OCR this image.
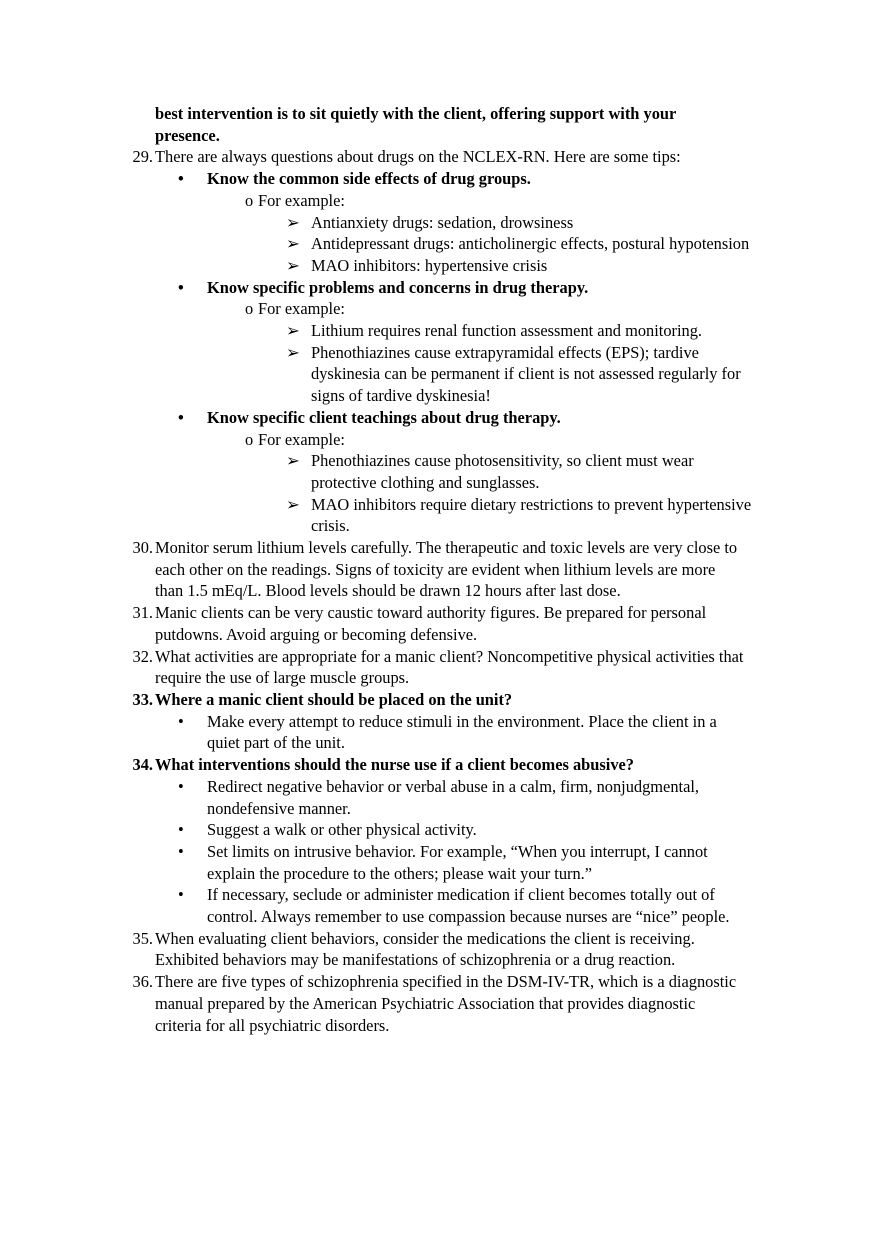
best intervention is to sit quietly with the client, offering support with your
presence.
29. There are always questions about drugs on the NCLEX-RN. Here are some tips:
• Know the common side effects of drug groups.
o For example:
➢ Antianxiety drugs: sedation, drowsiness
➢ Antidepressant drugs: anticholinergic effects, postural hypotension
➢ MAO inhibitors: hypertensive crisis
• Know specific problems and concerns in drug therapy.
o For example:
➢ Lithium requires renal function assessment and monitoring.
➢ Phenothiazines cause extrapyramidal effects (EPS); tardive
dyskinesia can be permanent if client is not assessed regularly for
signs of tardive dyskinesia!
• Know specific client teachings about drug therapy.
o For example:
➢ Phenothiazines cause photosensitivity, so client must wear
protective clothing and sunglasses.
➢ MAO inhibitors require dietary restrictions to prevent hypertensive
crisis.
30. Monitor serum lithium levels carefully. The therapeutic and toxic levels are very close to
each other on the readings. Signs of toxicity are evident when lithium levels are more
than 1.5 mEq/L. Blood levels should be drawn 12 hours after last dose.
31. Manic clients can be very caustic toward authority figures. Be prepared for personal
putdowns. Avoid arguing or becoming defensive.
32. What activities are appropriate for a manic client? Noncompetitive physical activities that
require the use of large muscle groups.
33. Where a manic client should be placed on the unit?
• Make every attempt to reduce stimuli in the environment. Place the client in a
quiet part of the unit.
34. What interventions should the nurse use if a client becomes abusive?
• Redirect negative behavior or verbal abuse in a calm, firm, nonjudgmental,
nondefensive manner.
• Suggest a walk or other physical activity.
• Set limits on intrusive behavior. For example, “When you interrupt, I cannot
explain the procedure to the others; please wait your turn.”
• If necessary, seclude or administer medication if client becomes totally out of
control. Always remember to use compassion because nurses are “nice” people.
35. When evaluating client behaviors, consider the medications the client is receiving.
Exhibited behaviors may be manifestations of schizophrenia or a drug reaction.
36. There are five types of schizophrenia specified in the DSM-IV-TR, which is a diagnostic
manual prepared by the American Psychiatric Association that provides diagnostic
criteria for all psychiatric disorders.
